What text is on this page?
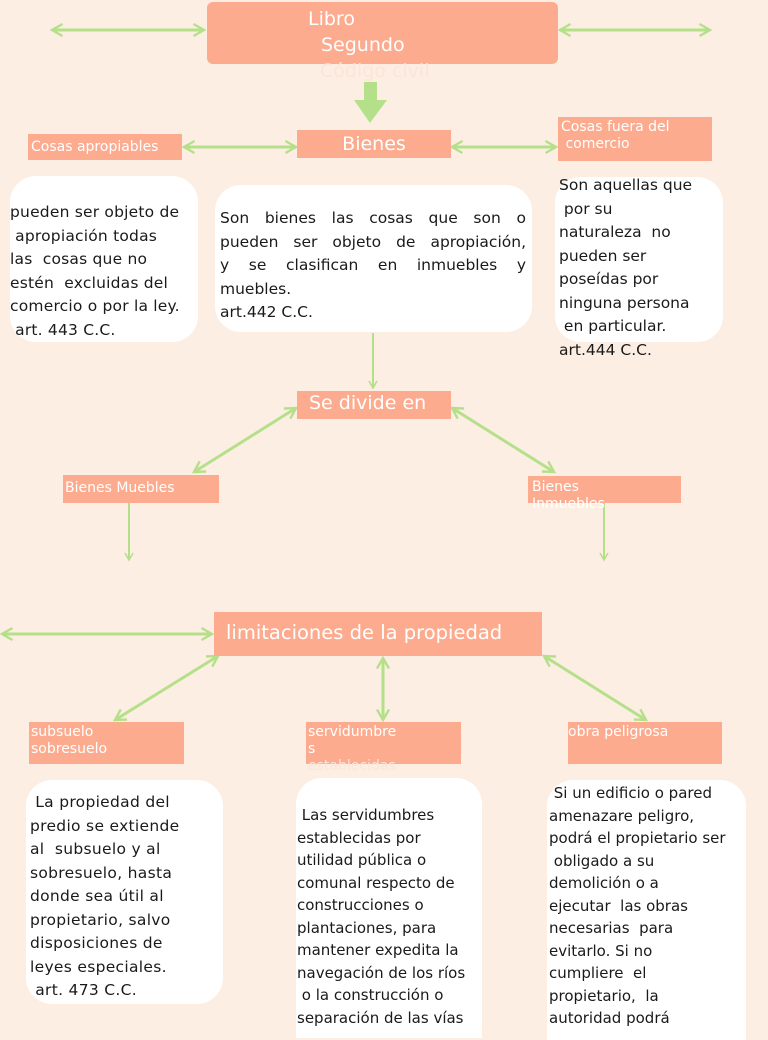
Libro
Segundo
Código civil
Bienes
Cosas apropiables
Cosas fuera del
comercio
pueden ser objeto de
apropiación todas
las  cosas que no
estén  excluidas del
comercio o por la ley.
art. 443 C.C.
Son bienes las cosas que son o
pueden ser objeto de apropiación,
y se clasifican en inmuebles y
muebles.
art.442 C.C.
Son aquellas que
por su
naturaleza  no
pueden ser
poseídas por
ninguna persona
en particular.
art.444 C.C.
Se divide en
Bienes Muebles	Bienes
Inmuebles
limitaciones de la propiedad
subsuelo
sobresuelo
servidumbre
s
establecidas
obra peligrosa
La propiedad del
predio se extiende
al  subsuelo y al
sobresuelo, hasta
donde sea útil al
propietario, salvo
disposiciones de
leyes especiales.
art. 473 C.C.
Las servidumbres
establecidas por
utilidad pública o
comunal respecto de
construcciones o
plantaciones, para
mantener expedita la
navegación de los ríos
o la construcción o
separación de las vías
Si un edificio o pared
amenazare peligro,
podrá el propietario ser
obligado a su
demolición o a
ejecutar  las obras
necesarias  para
evitarlo. Si no
cumpliere  el
propietario,  la
autoridad podrá
